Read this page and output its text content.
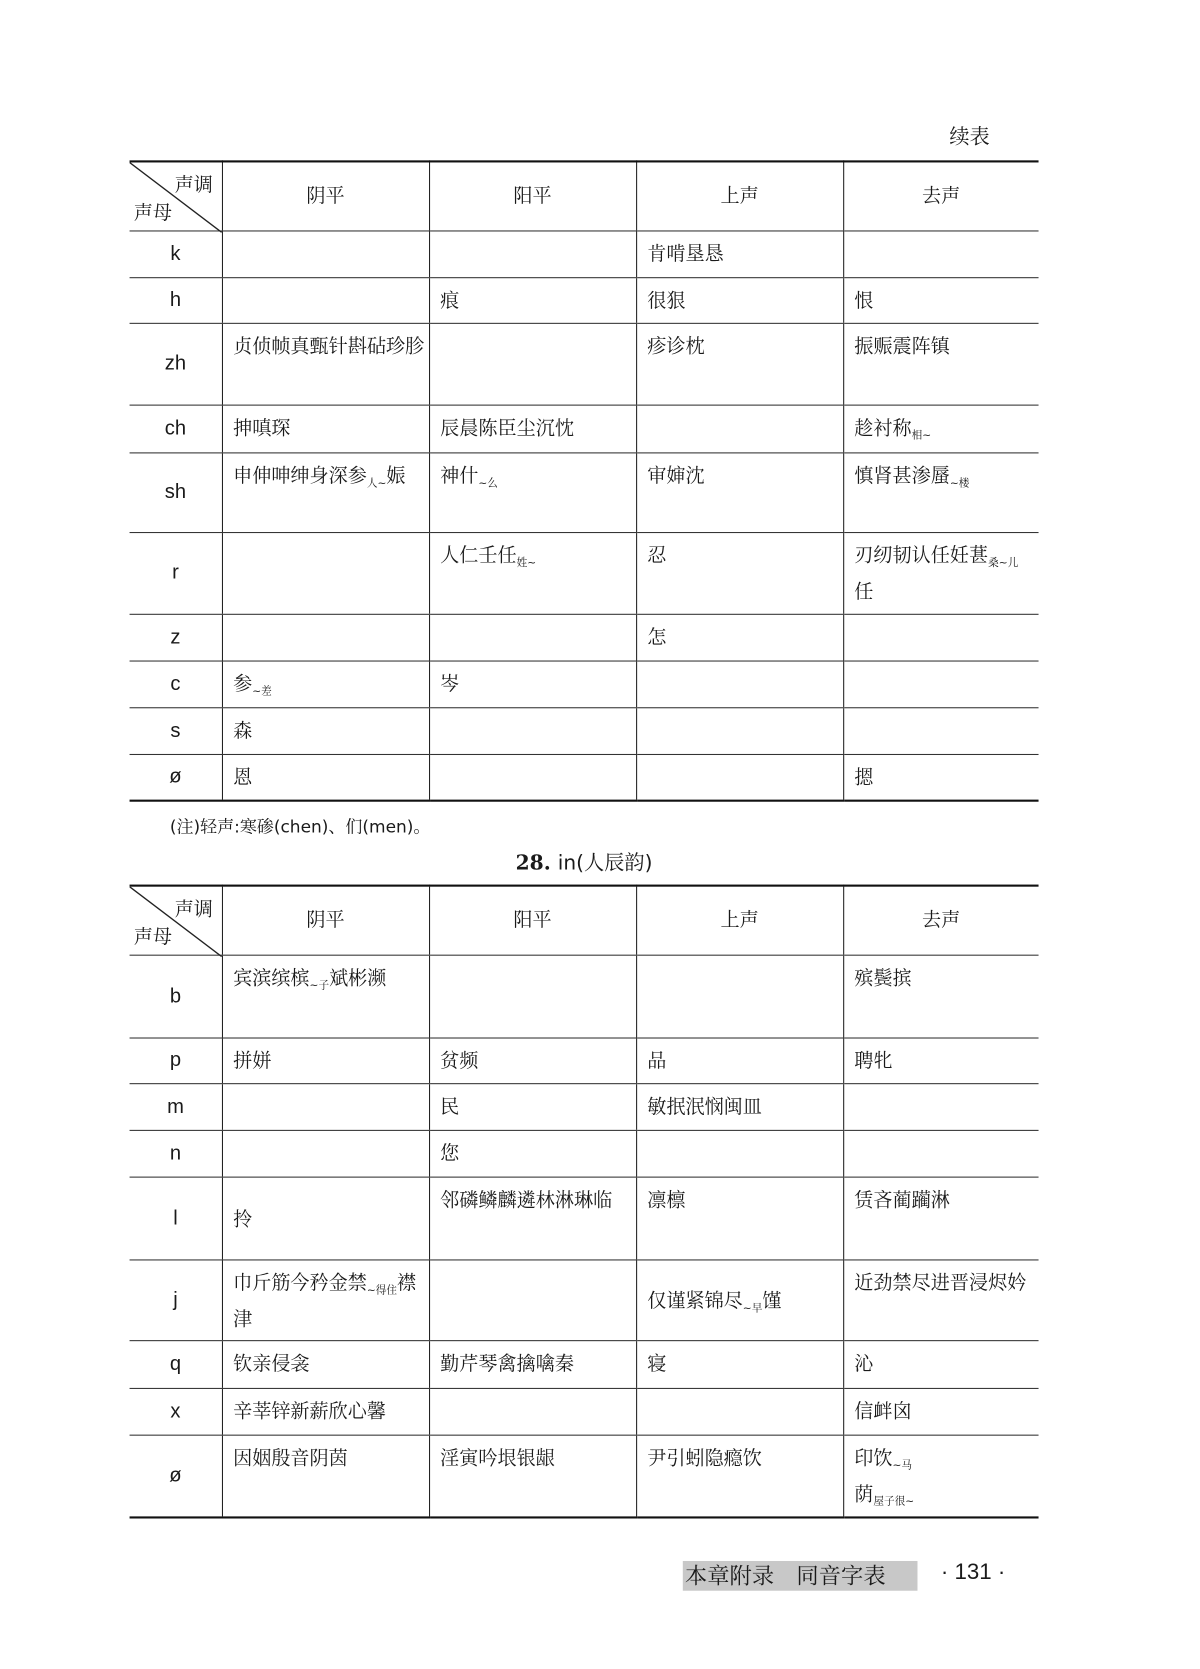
续表
声调
声母	阴平	阳平	上声	去声
k			肯啃垦恳	
h		痕	很狠	恨
zh	贞侦帧真甄针斟砧珍胗		疹诊枕	振赈震阵镇
ch	抻嗔琛	辰晨陈臣尘沉忱		趁衬称$_{相\sim}$
sh	申伸呻绅身深参$_{人\sim}$娠	神什$_{\sim 么}$	审婶沈	慎肾甚渗蜃$_{\sim 楼}$
r		人仁壬任$_{姓\sim}$	忍	刃纫韧认任妊葚$_{桑\sim 儿}$任
z			怎	
c	参$_{\sim 差}$	岑		
s	森			
ø	恩			摁
(注)轻声:寒碜(chen)、们(men)。
28. in(人辰韵)
声调
声母	阴平	阳平	上声	去声
b	宾滨缤槟$_{\sim 子}$斌彬濒			殡鬓摈
p	拼姘	贫频	品	聘牝
m		民	敏抿泯悯闽皿	
n		您		
l	拎	邻磷鳞麟遴林淋琳临	凛檩	赁吝蔺躏淋
j	巾斤筋今矜金禁$_{\sim 得住}$襟津		仅谨紧锦尽$_{\sim 早}$馑	近劲禁尽进晋浸烬妗
q	钦亲侵衾	勤芹琴禽擒噙秦	寝	沁
x	辛莘锌新薪欣心馨			信衅囟
ø	因姻殷音阴茵	淫寅吟垠银龈	尹引蚓隐瘾饮	印饮$_{\sim 马}$
荫$_{屋子很\sim}$
本章附录　同音字表	· 131 ·
